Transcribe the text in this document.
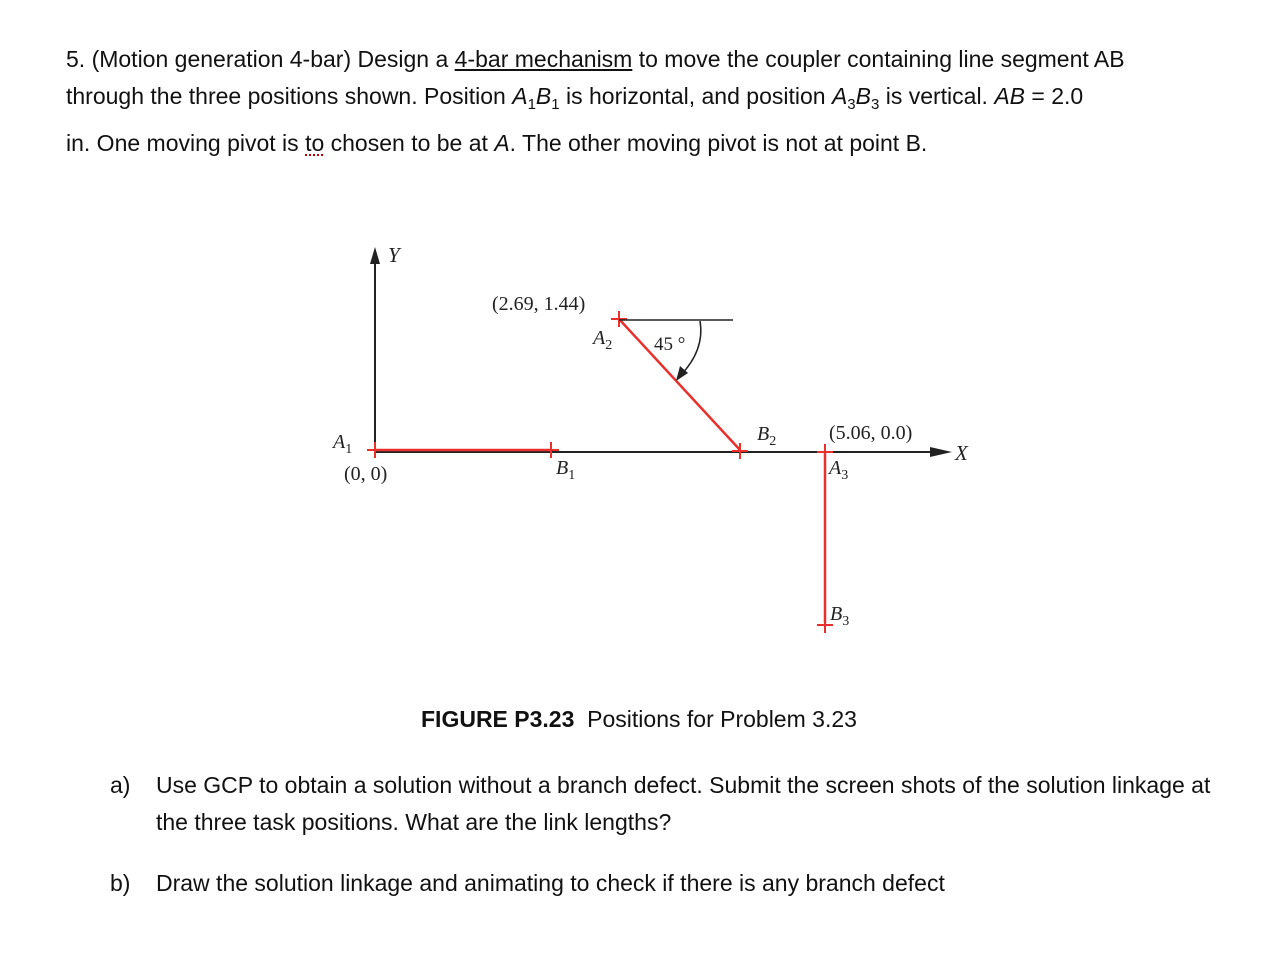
5. (Motion generation 4-bar) Design a 4-bar mechanism to move the coupler containing line segment AB
through the three positions shown. Position $A_1B_1$ is horizontal, and position $A_3B_3$ is vertical. AB = 2.0
in. One moving pivot is to chosen to be at A. The other moving pivot is not at point B.
Y
X
$A_1$
(0, 0)	$B_1$
(2.69, 1.44)
$A_2$ 45 °
$B_2$	(5.06, 0.0)
$A_3$
$B_3$
FIGURE P3.23  Positions for Problem 3.23
a) Use GCP to obtain a solution without a branch defect. Submit the screen shots of the solution linkage at the three task positions. What are the link lengths?
b) Draw the solution linkage and animating to check if there is any branch defect
